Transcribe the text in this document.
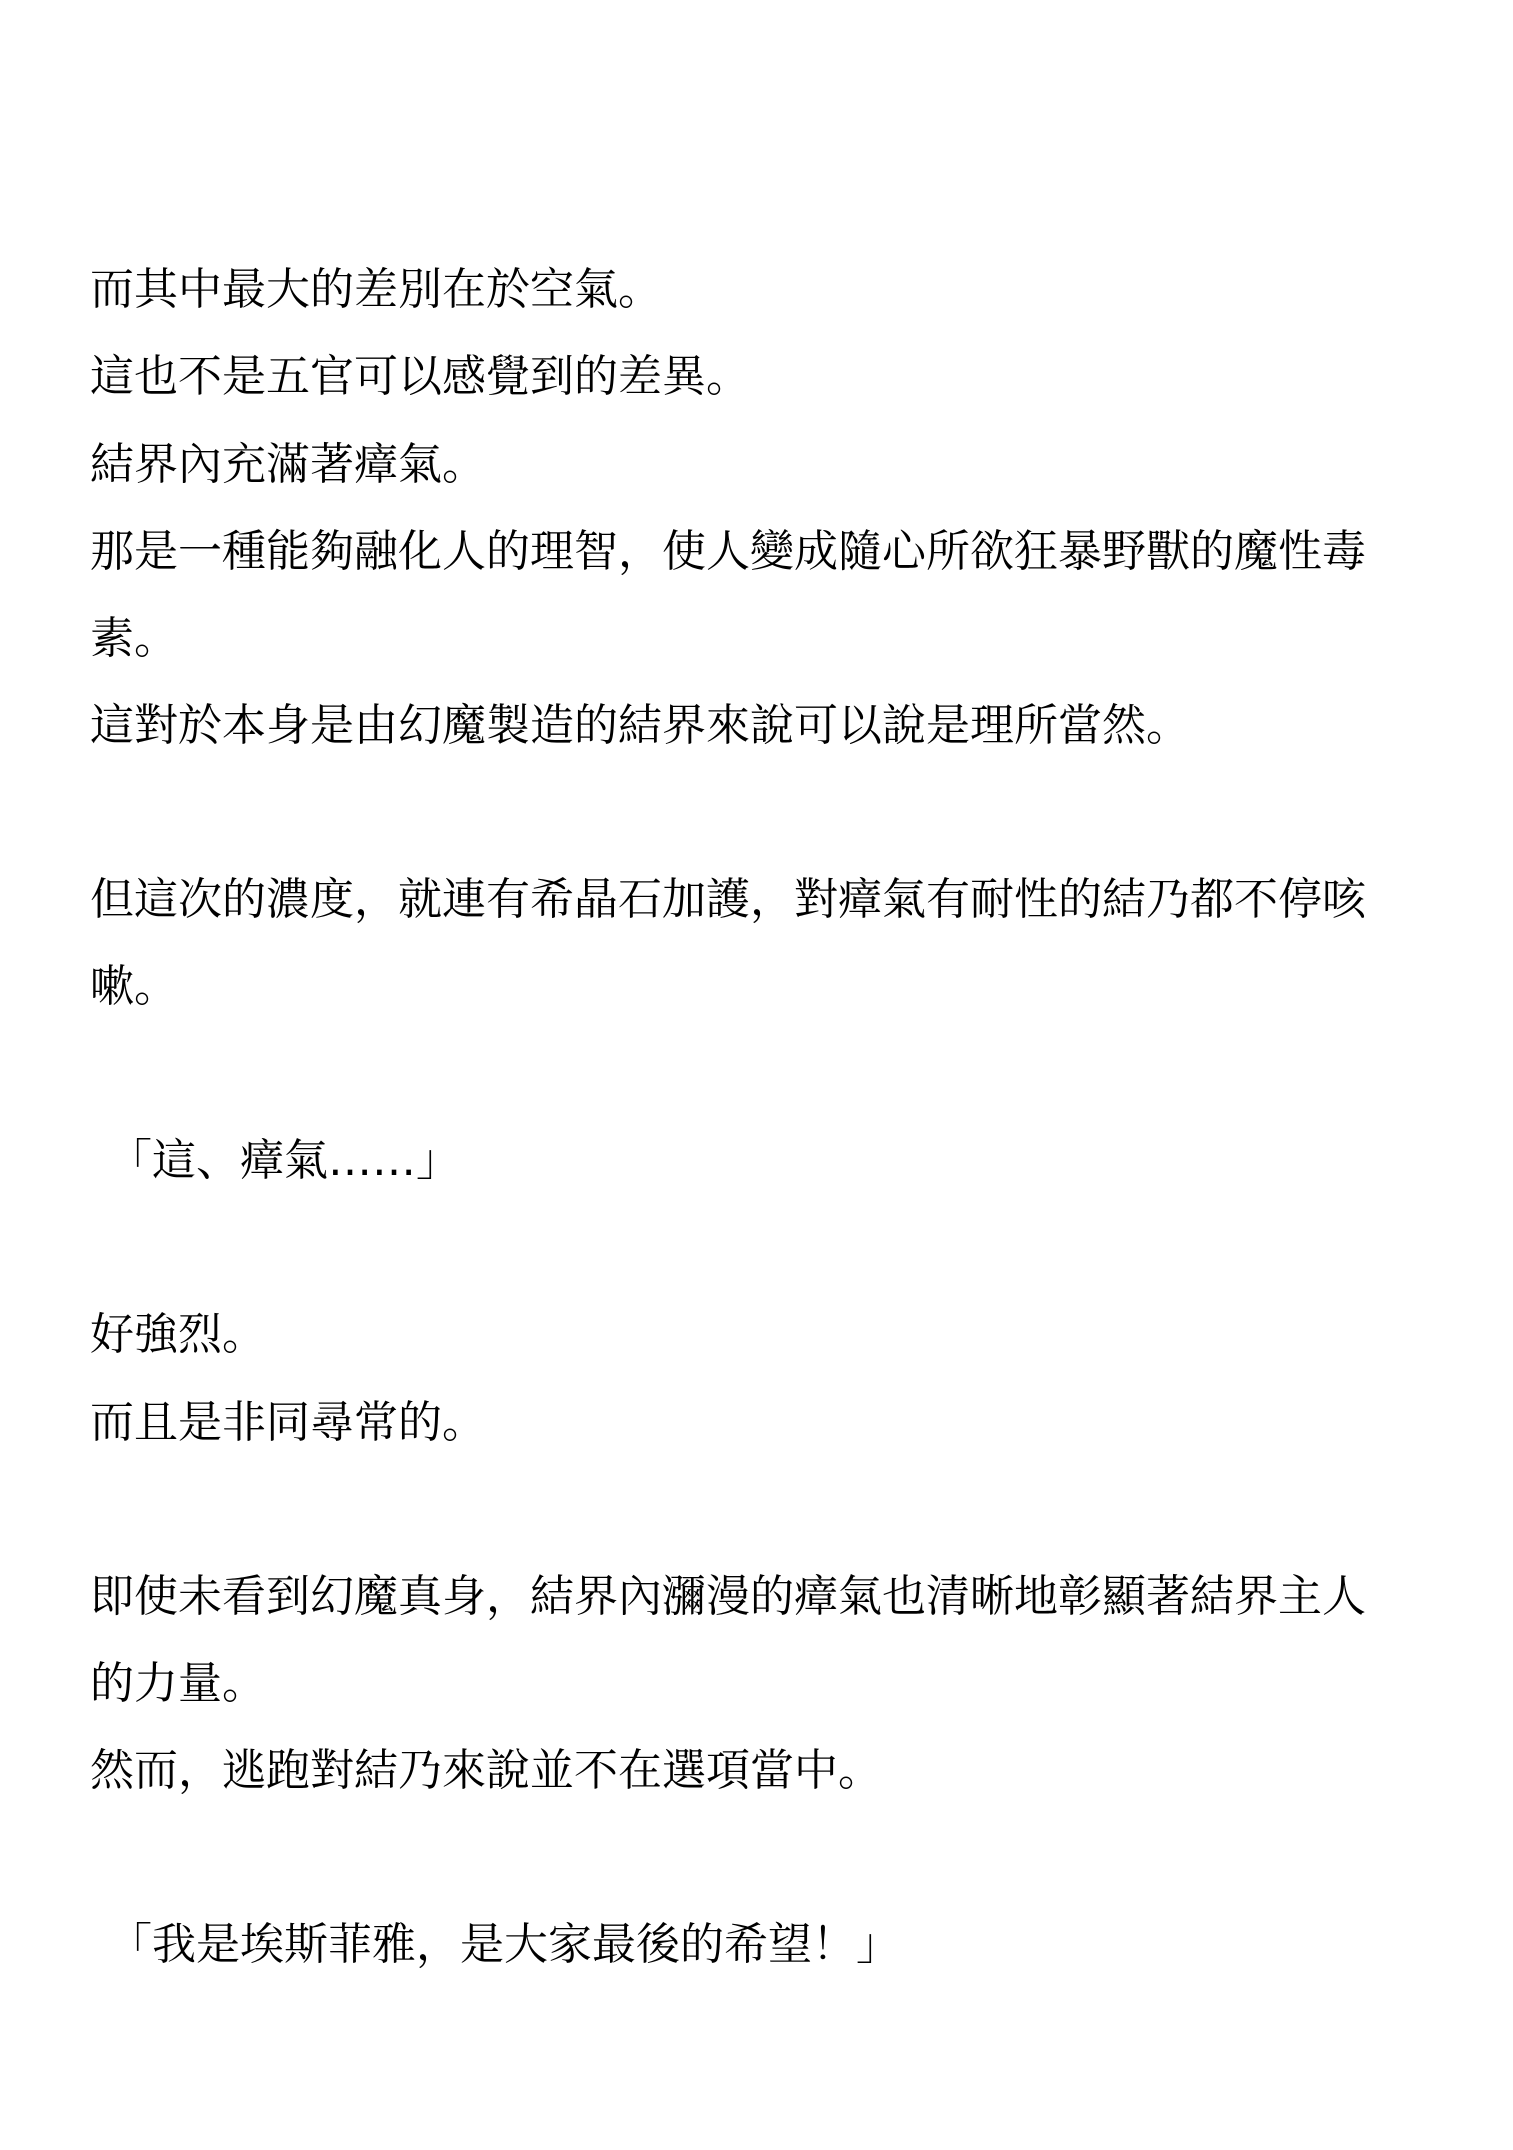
而其中最大的差別在於空氣。
這也不是五官可以感覺到的差異。
結界內充滿著瘴氣。
那是一種能夠融化人的理智，使人變成隨心所欲狂暴野獸的魔性毒
素。
這對於本身是由幻魔製造的結界來說可以說是理所當然。
但這次的濃度，就連有希晶石加護，對瘴氣有耐性的結乃都不停咳
嗽。
「這、瘴氣……」
好強烈。
而且是非同尋常的。
即使未看到幻魔真身，結界內瀰漫的瘴氣也清晰地彰顯著結界主人
的力量。
然而，逃跑對結乃來說並不在選項當中。
「我是埃斯菲雅，是大家最後的希望！」
